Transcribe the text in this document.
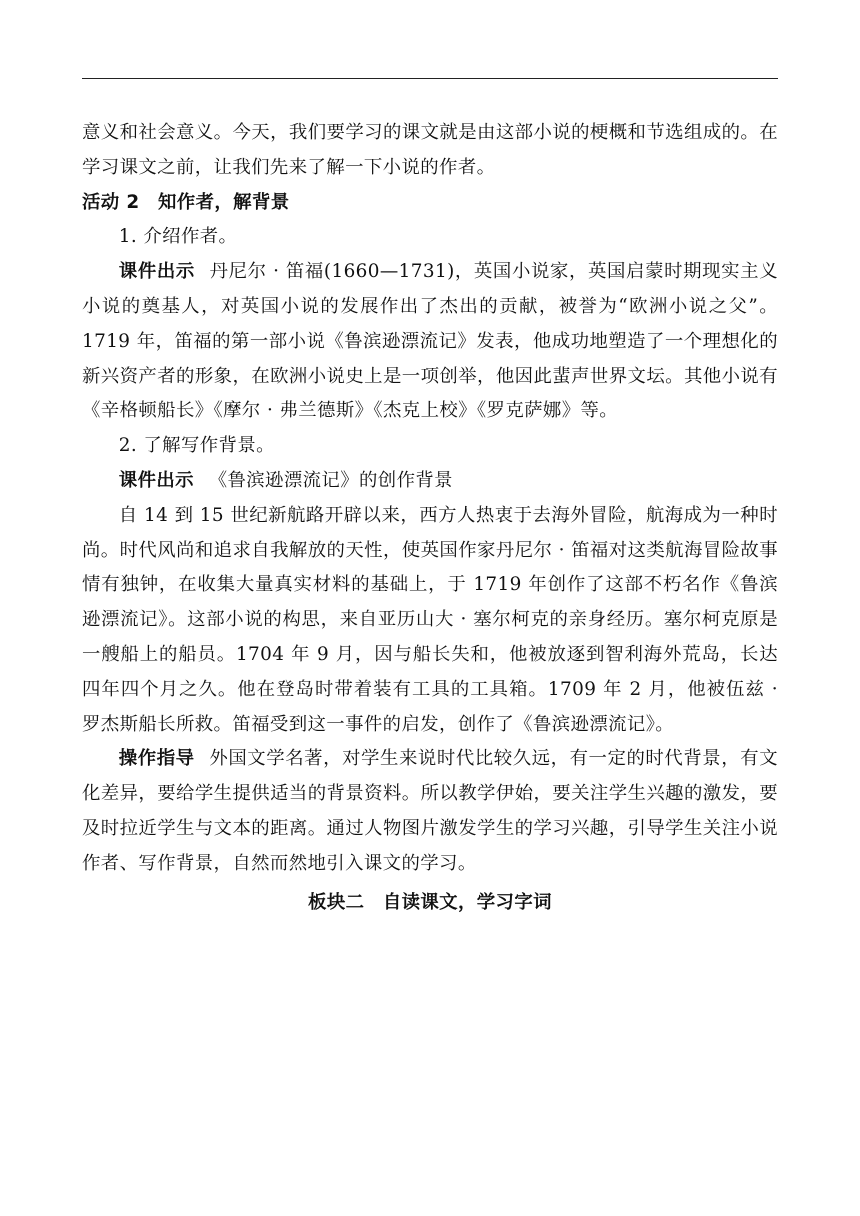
意义和社会意义。今天，我们要学习的课文就是由这部小说的梗概和节选组成的。在学习课文之前，让我们先来了解一下小说的作者。

活动 2 知作者，解背景

1. 介绍作者。

课件出示 丹尼尔 · 笛福(1660—1731)，英国小说家，英国启蒙时期现实主义小说的奠基人，对英国小说的发展作出了杰出的贡献，被誉为“欧洲小说之父”。1719 年，笛福的第一部小说《鲁滨逊漂流记》发表，他成功地塑造了一个理想化的新兴资产者的形象，在欧洲小说史上是一项创举，他因此蜚声世界文坛。其他小说有《辛格顿船长》《摩尔 · 弗兰德斯》《杰克上校》《罗克萨娜》等。

2. 了解写作背景。

课件出示 《鲁滨逊漂流记》的创作背景

自 14 到 15 世纪新航路开辟以来，西方人热衷于去海外冒险，航海成为一种时尚。时代风尚和追求自我解放的天性，使英国作家丹尼尔 · 笛福对这类航海冒险故事情有独钟，在收集大量真实材料的基础上，于 1719 年创作了这部不朽名作《鲁滨逊漂流记》。这部小说的构思，来自亚历山大 · 塞尔柯克的亲身经历。塞尔柯克原是一艘船上的船员。1704 年 9 月，因与船长失和，他被放逐到智利海外荒岛，长达四年四个月之久。他在登岛时带着装有工具的工具箱。1709 年 2 月，他被伍兹 · 罗杰斯船长所救。笛福受到这一事件的启发，创作了《鲁滨逊漂流记》。

操作指导 外国文学名著，对学生来说时代比较久远，有一定的时代背景，有文化差异，要给学生提供适当的背景资料。所以教学伊始，要关注学生兴趣的激发，要及时拉近学生与文本的距离。通过人物图片激发学生的学习兴趣，引导学生关注小说作者、写作背景，自然而然地引入课文的学习。

板块二 自读课文，学习字词
